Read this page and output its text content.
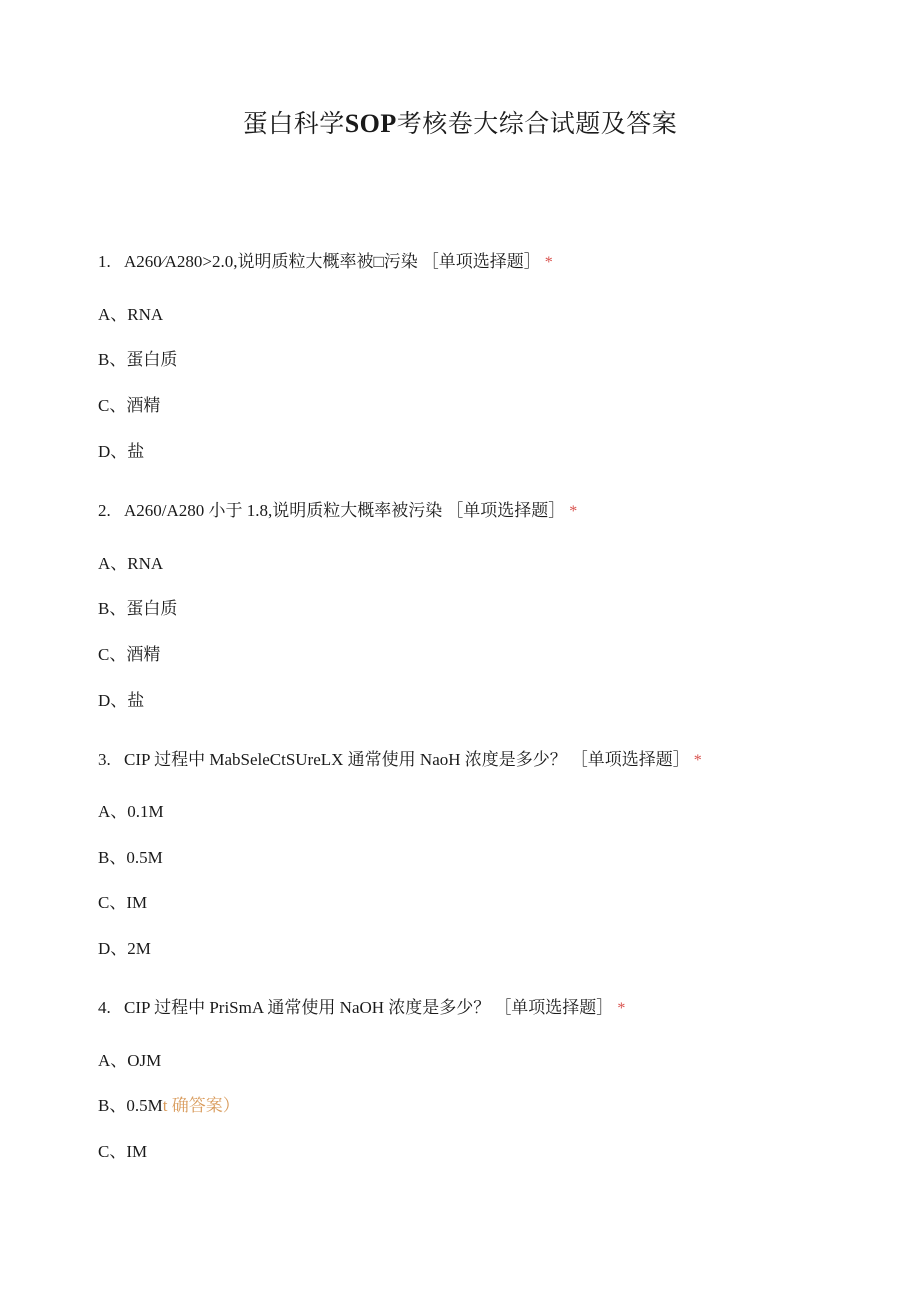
蛋白科学SOP考核卷大综合试题及答案
1. A260⁄A280>2.0,说明质粒大概率被□污染 ［单项选择题］ *
A、RNA
B、蛋白质
C、酒精
D、盐
2. A260/A280 小于 1.8,说明质粒大概率被污染 ［单项选择题］ *
A、RNA
B、蛋白质
C、酒精
D、盐
3. CIP 过程中 MabSeleCtSUreLX 通常使用 NaoH 浓度是多少？ ［单项选择题］ *
A、0.1M
B、0.5M
C、IM
D、2M
4. CIP 过程中 PriSmA 通常使用 NaOH 浓度是多少？ ［单项选择题］ *
A、OJM
B、0.5Mt 确答案）
C、IM
